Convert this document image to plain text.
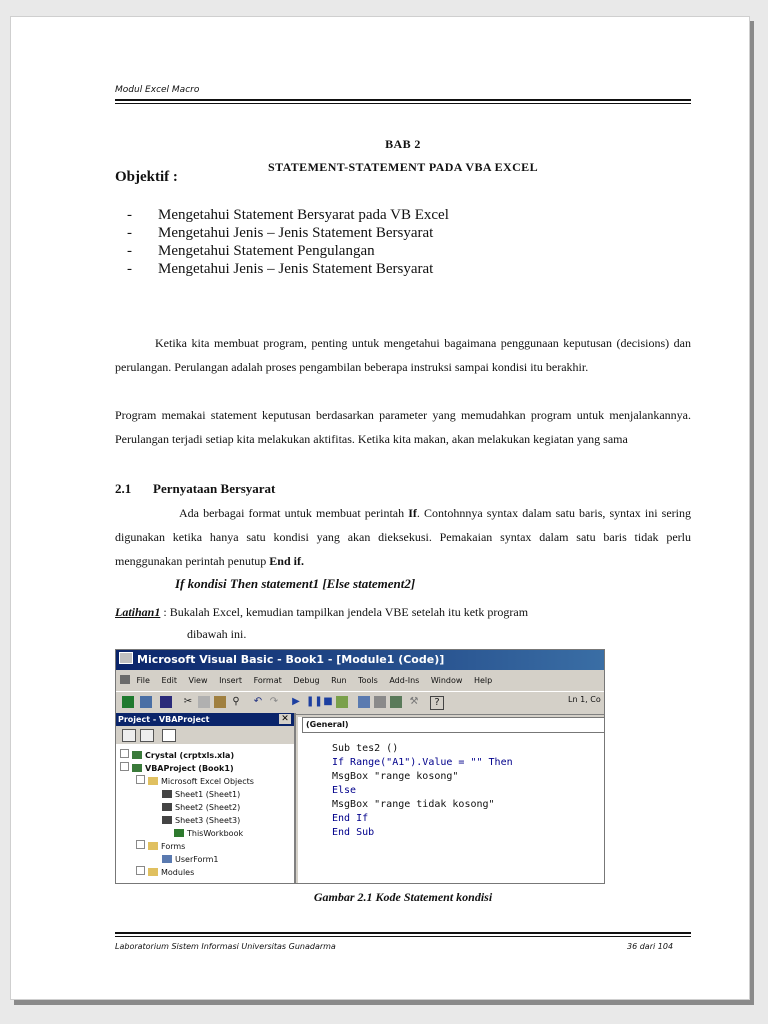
Modul Excel Macro
BAB 2
STATEMENT-STATEMENT PADA VBA EXCEL
Objektif :
- Mengetahui Statement Bersyarat pada VB Excel
- Mengetahui Jenis – Jenis Statement Bersyarat
- Mengetahui Statement Pengulangan
- Mengetahui Jenis – Jenis Statement Bersyarat
Ketika kita membuat program, penting untuk mengetahui bagaimana penggunaan keputusan (decisions) dan perulangan. Perulangan adalah proses pengambilan beberapa instruksi sampai kondisi itu berakhir.
Program memakai statement keputusan berdasarkan parameter yang memudahkan program untuk menjalankannya. Perulangan terjadi setiap kita melakukan aktifitas. Ketika kita makan, akan melakukan kegiatan yang sama
2.1 Pernyataan Bersyarat
Ada berbagai format untuk membuat perintah If. Contohnnya syntax dalam satu baris, syntax ini sering digunakan ketika hanya satu kondisi yang akan dieksekusi. Pemakaian syntax dalam satu baris tidak perlu menggunakan perintah penutup End if.
If kondisi Then statement1 [Else statement2]
Latihan1 : Bukalah Excel, kemudian tampilkan jendela VBE setelah itu ketk program
dibawah ini.
Microsoft Visual Basic - Book1 - [Module1 (Code)]
File Edit View Insert Format Debug Run Tools Add-Ins Window Help
✂	⚲ ↶ ↷ ▶ ❚❚ ■	⚒	?	Ln 1, Co
Project - VBAProject	✕
Crystal (crptxls.xla)
VBAProject (Book1)
Microsoft Excel Objects
Sheet1 (Sheet1)
Sheet2 (Sheet2)
Sheet3 (Sheet3)
ThisWorkbook
Forms
UserForm1
Modules
(General)
Sub tes2 ()
If Range("A1").Value = "" Then
MsgBox "range kosong"
Else
MsgBox "range tidak kosong"
End If
End Sub
Gambar 2.1 Kode Statement kondisi
Laboratorium Sistem Informasi Universitas Gunadarma	36 dari 104
